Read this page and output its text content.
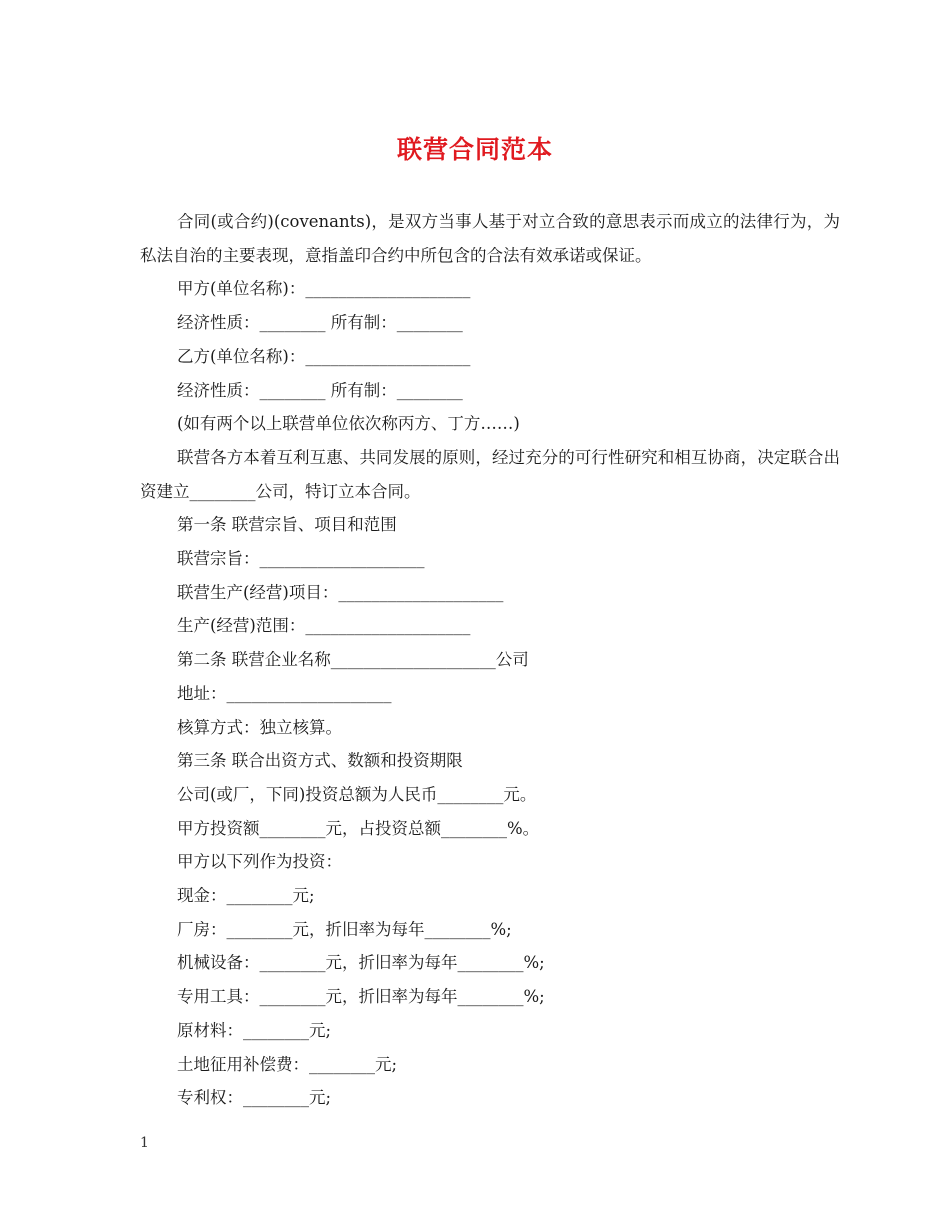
联营合同范本
合同(或合约)(covenants)，是双方当事人基于对立合致的意思表示而成立的法律行为，为私法自治的主要表现，意指盖印合约中所包含的合法有效承诺或保证。
甲方(单位名称)：____________________
经济性质：________ 所有制：________
乙方(单位名称)：____________________
经济性质：________ 所有制：________
(如有两个以上联营单位依次称丙方、丁方……)
联营各方本着互利互惠、共同发展的原则，经过充分的可行性研究和相互协商，决定联合出资建立________公司，特订立本合同。
第一条 联营宗旨、项目和范围
联营宗旨：____________________
联营生产(经营)项目：____________________
生产(经营)范围：____________________
第二条 联营企业名称____________________公司
地址：____________________
核算方式：独立核算。
第三条 联合出资方式、数额和投资期限
公司(或厂，下同)投资总额为人民币________元。
甲方投资额________元，占投资总额________%。
甲方以下列作为投资：
现金：________元;
厂房：________元，折旧率为每年________%;
机械设备：________元，折旧率为每年________%;
专用工具：________元，折旧率为每年________%;
原材料：________元;
土地征用补偿费：________元;
专利权：________元;
1
